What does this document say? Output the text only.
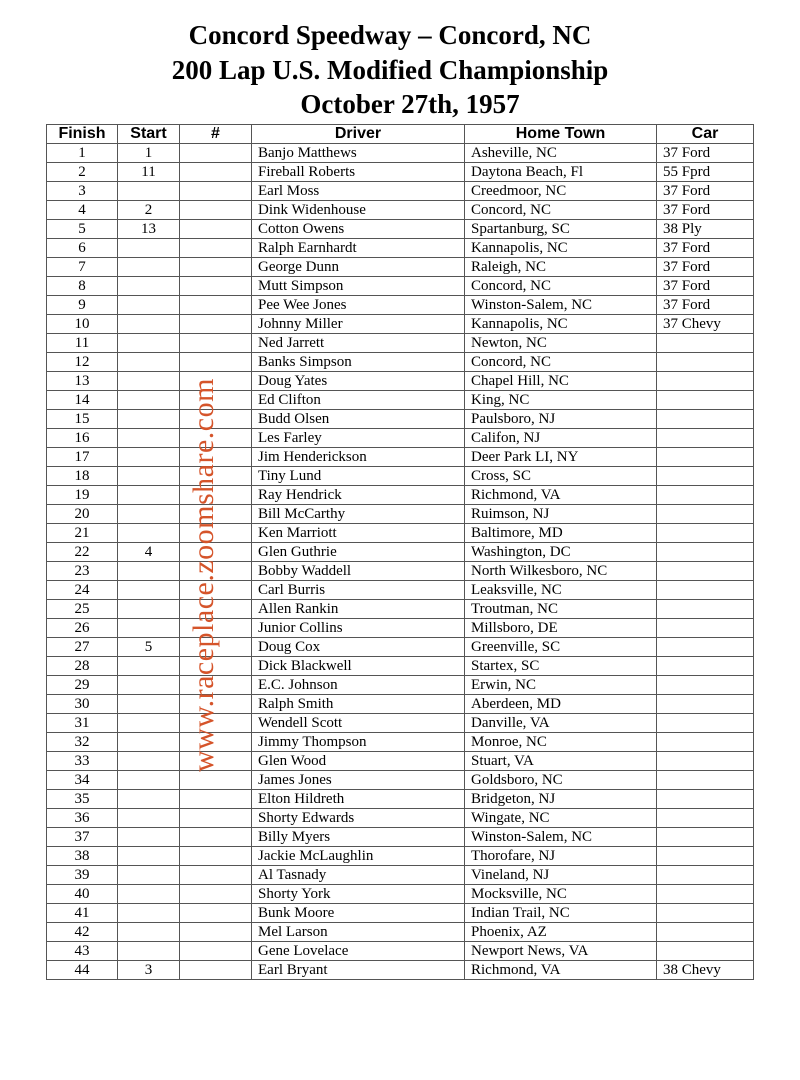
Concord Speedway – Concord, NC
200 Lap U.S. Modified Championship
October 27th, 1957
Finish	Start	#	Driver	Home Town	Car
1	1		Banjo Matthews	Asheville, NC	37 Ford
2	11		Fireball Roberts	Daytona Beach, Fl	55 Fprd
3			Earl Moss	Creedmoor, NC	37 Ford
4	2		Dink Widenhouse	Concord, NC	37 Ford
5	13		Cotton Owens	Spartanburg, SC	38 Ply
6			Ralph Earnhardt	Kannapolis, NC	37 Ford
7			George Dunn	Raleigh, NC	37 Ford
8			Mutt Simpson	Concord, NC	37 Ford
9			Pee Wee Jones	Winston-Salem, NC	37 Ford
10			Johnny Miller	Kannapolis, NC	37 Chevy
11			Ned Jarrett	Newton, NC	
12			Banks Simpson	Concord, NC	
13			Doug Yates	Chapel Hill, NC	
14			Ed Clifton	King, NC	
15			Budd Olsen	Paulsboro, NJ	
16			Les Farley	Califon, NJ	
17			Jim Henderickson	Deer Park LI, NY	
18			Tiny Lund	Cross, SC	
19			Ray Hendrick	Richmond, VA	
20			Bill McCarthy	Ruimson, NJ	
21			Ken Marriott	Baltimore, MD	
22	4		Glen Guthrie	Washington, DC	
23			Bobby Waddell	North Wilkesboro, NC	
24			Carl Burris	Leaksville, NC	
25			Allen Rankin	Troutman, NC	
26			Junior Collins	Millsboro, DE	
27	5		Doug Cox	Greenville, SC	
28			Dick Blackwell	Startex, SC	
29			E.C. Johnson	Erwin, NC	
30			Ralph Smith	Aberdeen, MD	
31			Wendell Scott	Danville, VA	
32			Jimmy Thompson	Monroe, NC	
33			Glen Wood	Stuart, VA	
34			James Jones	Goldsboro, NC	
35			Elton Hildreth	Bridgeton, NJ	
36			Shorty Edwards	Wingate, NC	
37			Billy Myers	Winston-Salem, NC	
38			Jackie McLaughlin	Thorofare, NJ	
39			Al Tasnady	Vineland, NJ	
40			Shorty York	Mocksville, NC	
41			Bunk Moore	Indian Trail, NC	
42			Mel Larson	Phoenix, AZ	
43			Gene Lovelace	Newport News, VA	
44	3		Earl Bryant	Richmond, VA	38 Chevy
www.raceplace.zoomshare.com
